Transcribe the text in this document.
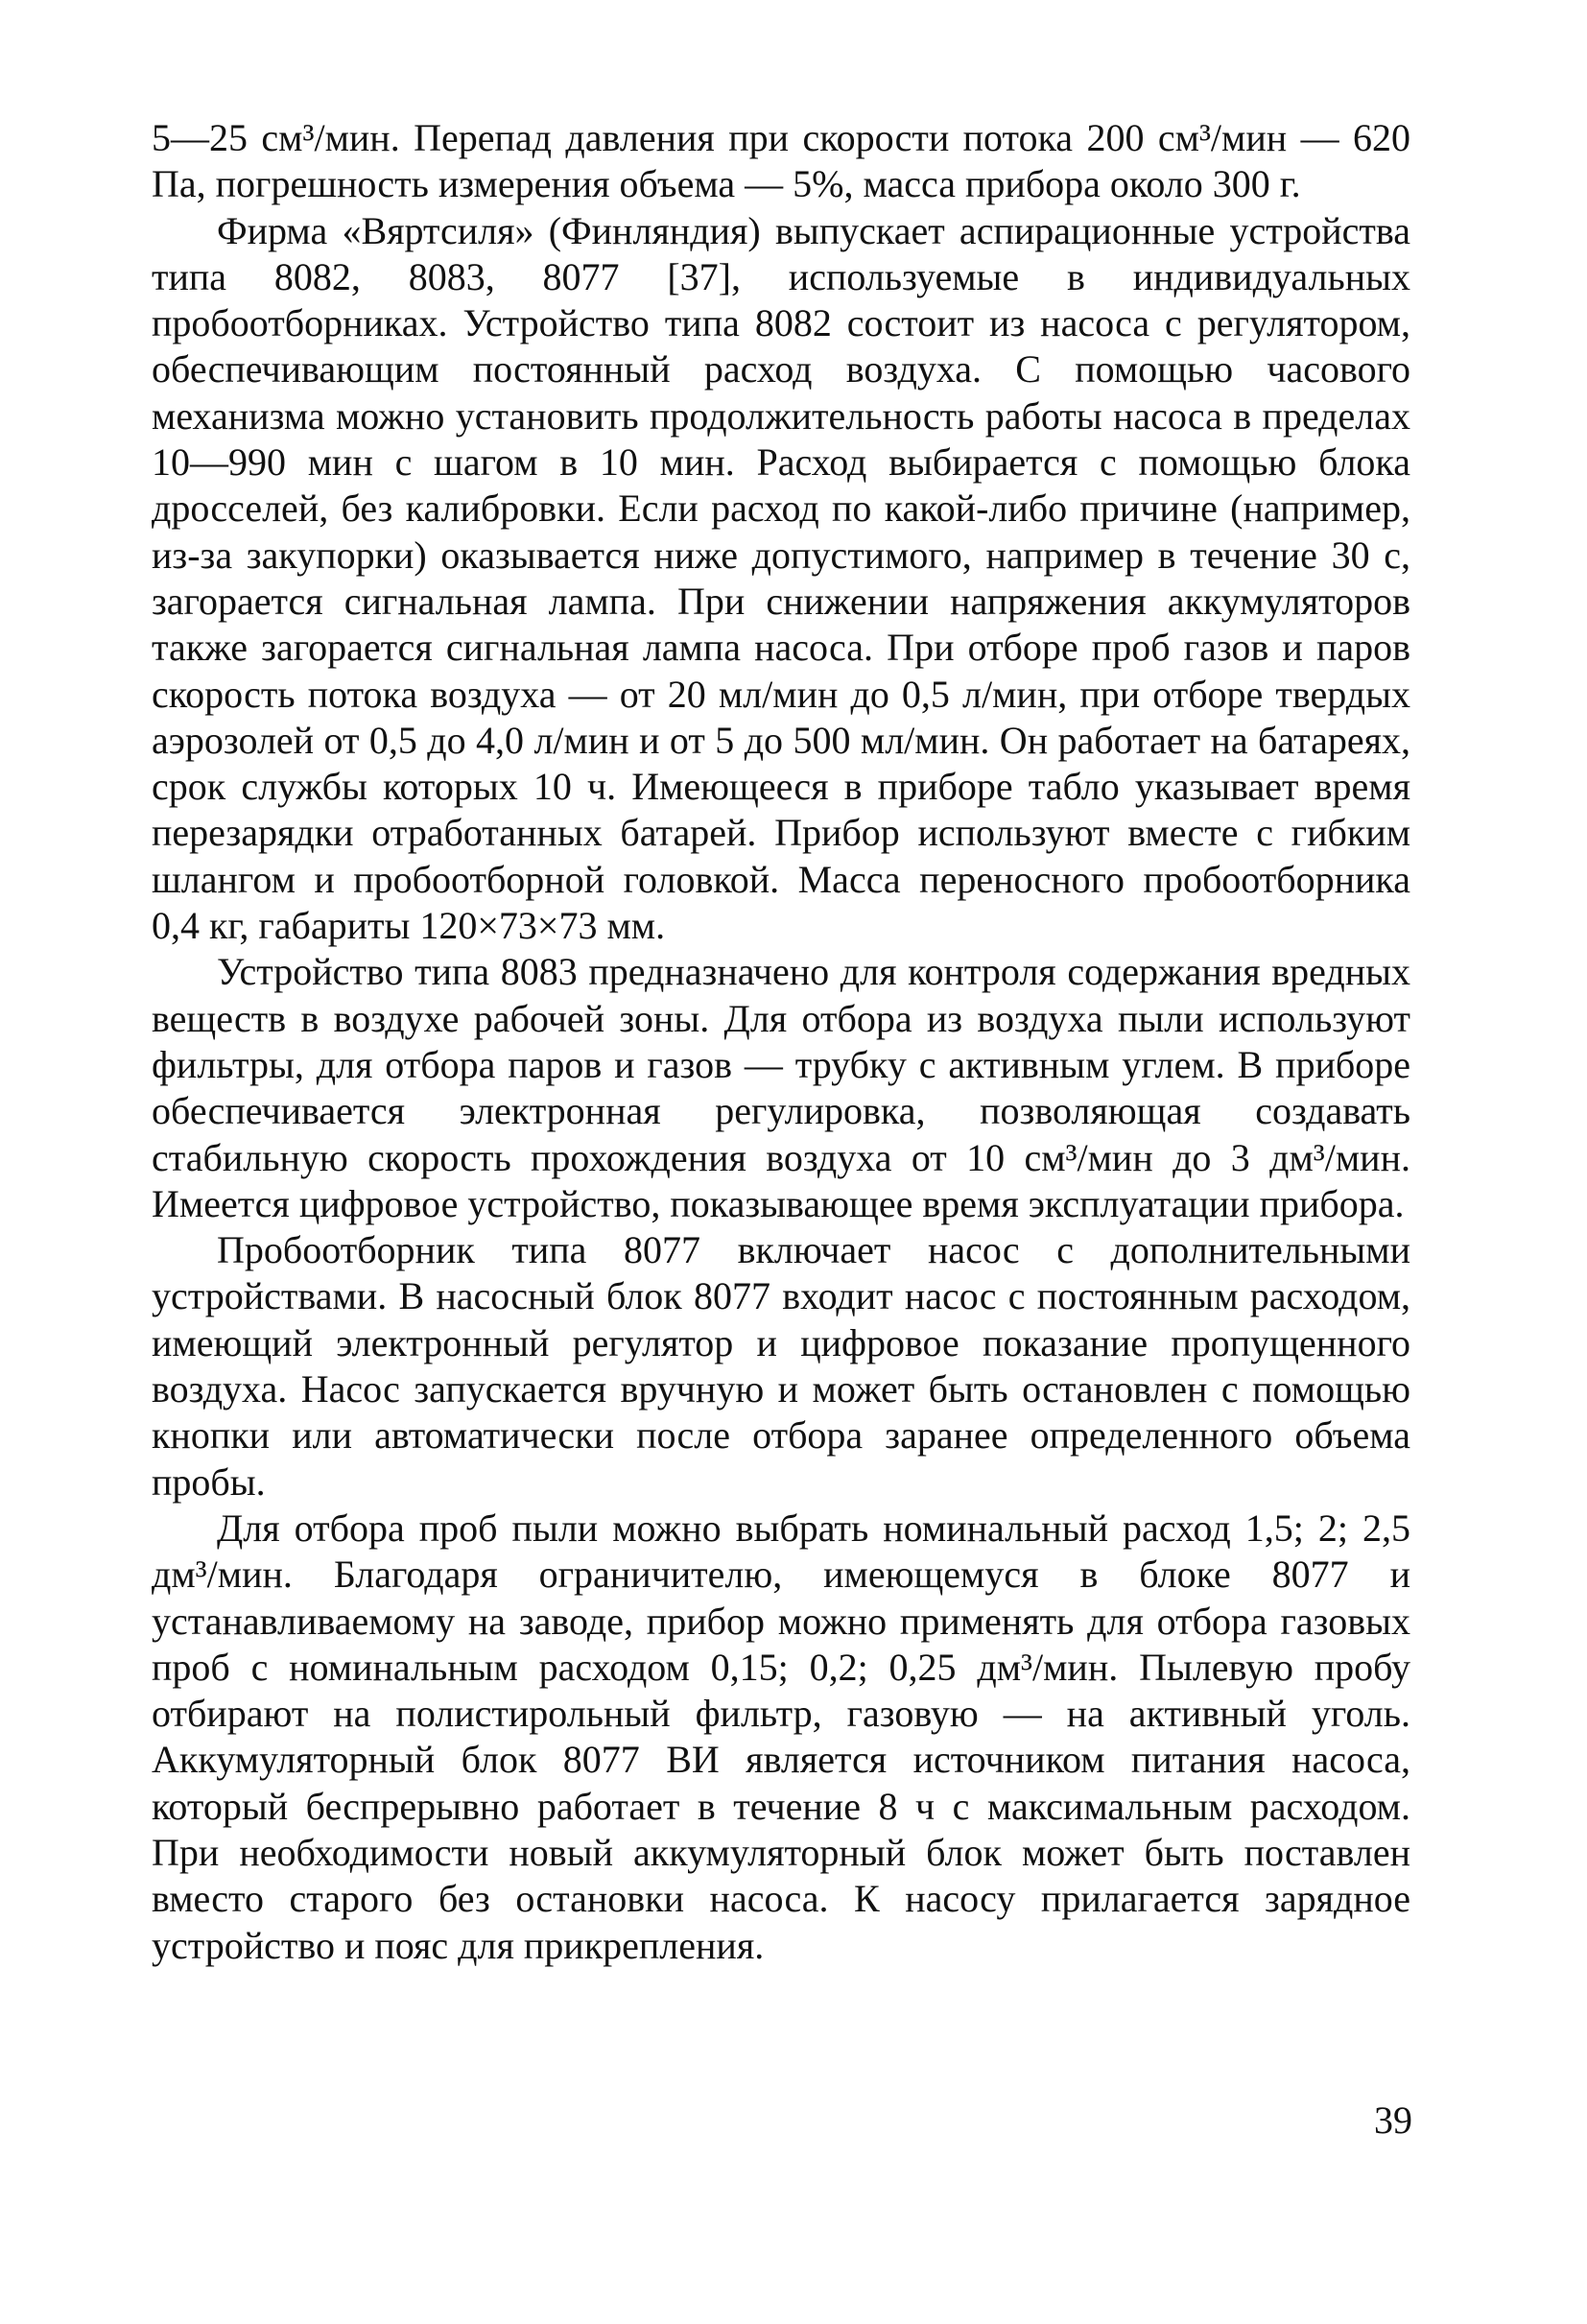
5—25 см³/мин. Перепад давления при скорости потока 200 см³/мин — 620 Па, погрешность измерения объема — 5%, масса прибора около 300 г.

Фирма «Вяртсиля» (Финляндия) выпускает аспирационные устройства типа 8082, 8083, 8077 [37], используемые в индивидуальных пробоотборниках. Устройство типа 8082 состоит из насоса с регулятором, обеспечивающим постоянный расход воздуха. С помощью часового механизма можно установить продолжительность работы насоса в пределах 10—990 мин с шагом в 10 мин. Расход выбирается с помощью блока дросселей, без калибровки. Если расход по какой-либо причине (например, из-за закупорки) оказывается ниже допустимого, например в течение 30 с, загорается сигнальная лампа. При снижении напряжения аккумуляторов также загорается сигнальная лампа насоса. При отборе проб газов и паров скорость потока воздуха — от 20 мл/мин до 0,5 л/мин, при отборе твердых аэрозолей от 0,5 до 4,0 л/мин и от 5 до 500 мл/мин. Он работает на батареях, срок службы которых 10 ч. Имеющееся в приборе табло указывает время перезарядки отработанных батарей. Прибор используют вместе с гибким шлангом и пробоотборной головкой. Масса переносного пробоотборника 0,4 кг, габариты 120×73×73 мм.

Устройство типа 8083 предназначено для контроля содержания вредных веществ в воздухе рабочей зоны. Для отбора из воздуха пыли используют фильтры, для отбора паров и газов — трубку с активным углем. В приборе обеспечивается электронная регулировка, позволяющая создавать стабильную скорость прохождения воздуха от 10 см³/мин до 3 дм³/мин. Имеется цифровое устройство, показывающее время эксплуатации прибора.

Пробоотборник типа 8077 включает насос с дополнительными устройствами. В насосный блок 8077 входит насос с постоянным расходом, имеющий электронный регулятор и цифровое показание пропущенного воздуха. Насос запускается вручную и может быть остановлен с помощью кнопки или автоматически после отбора заранее определенного объема пробы.

Для отбора проб пыли можно выбрать номинальный расход 1,5; 2; 2,5 дм³/мин. Благодаря ограничителю, имеющемуся в блоке 8077 и устанавливаемому на заводе, прибор можно применять для отбора газовых проб с номинальным расходом 0,15; 0,2; 0,25 дм³/мин. Пылевую пробу отбирают на полистирольный фильтр, газовую — на активный уголь. Аккумуляторный блок 8077 ВИ является источником питания насоса, который беспрерывно работает в течение 8 ч с максимальным расходом. При необходимости новый аккумуляторный блок может быть поставлен вместо старого без остановки насоса. К насосу прилагается зарядное устройство и пояс для прикрепления.

39
